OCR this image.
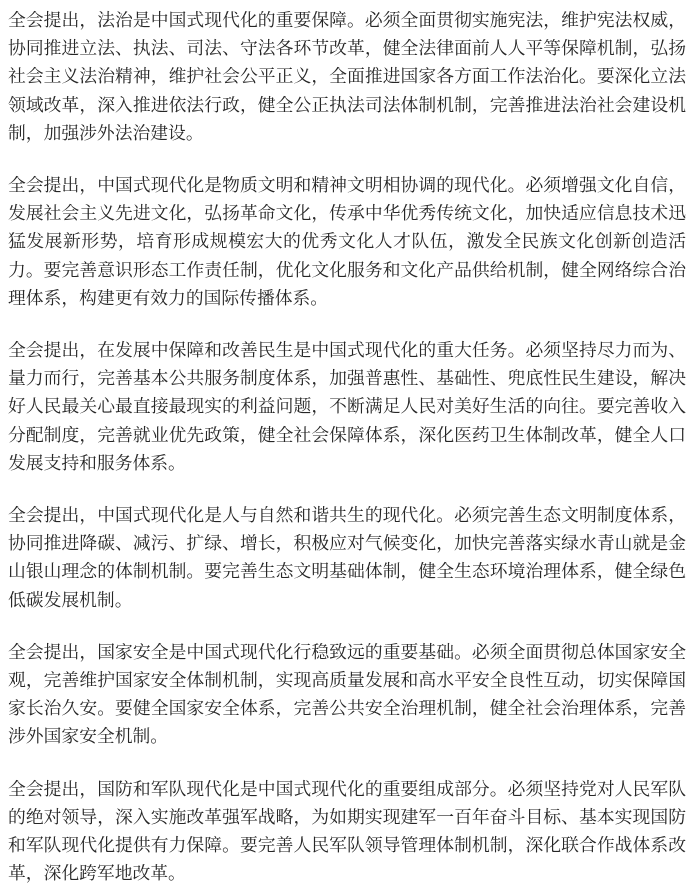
全会提出，法治是中国式现代化的重要保障。必须全面贯彻实施宪法，维护宪法权威，协同推进立法、执法、司法、守法各环节改革，健全法律面前人人平等保障机制，弘扬社会主义法治精神，维护社会公平正义，全面推进国家各方面工作法治化。要深化立法领域改革，深入推进依法行政，健全公正执法司法体制机制，完善推进法治社会建设机制，加强涉外法治建设。

全会提出，中国式现代化是物质文明和精神文明相协调的现代化。必须增强文化自信，发展社会主义先进文化，弘扬革命文化，传承中华优秀传统文化，加快适应信息技术迅猛发展新形势，培育形成规模宏大的优秀文化人才队伍，激发全民族文化创新创造活力。要完善意识形态工作责任制，优化文化服务和文化产品供给机制，健全网络综合治理体系，构建更有效力的国际传播体系。

全会提出，在发展中保障和改善民生是中国式现代化的重大任务。必须坚持尽力而为、量力而行，完善基本公共服务制度体系，加强普惠性、基础性、兜底性民生建设，解决好人民最关心最直接最现实的利益问题，不断满足人民对美好生活的向往。要完善收入分配制度，完善就业优先政策，健全社会保障体系，深化医药卫生体制改革，健全人口发展支持和服务体系。

全会提出，中国式现代化是人与自然和谐共生的现代化。必须完善生态文明制度体系，协同推进降碳、减污、扩绿、增长，积极应对气候变化，加快完善落实绿水青山就是金山银山理念的体制机制。要完善生态文明基础体制，健全生态环境治理体系，健全绿色低碳发展机制。

全会提出，国家安全是中国式现代化行稳致远的重要基础。必须全面贯彻总体国家安全观，完善维护国家安全体制机制，实现高质量发展和高水平安全良性互动，切实保障国家长治久安。要健全国家安全体系，完善公共安全治理机制，健全社会治理体系，完善涉外国家安全机制。

全会提出，国防和军队现代化是中国式现代化的重要组成部分。必须坚持党对人民军队的绝对领导，深入实施改革强军战略，为如期实现建军一百年奋斗目标、基本实现国防和军队现代化提供有力保障。要完善人民军队领导管理体制机制，深化联合作战体系改革，深化跨军地改革。
